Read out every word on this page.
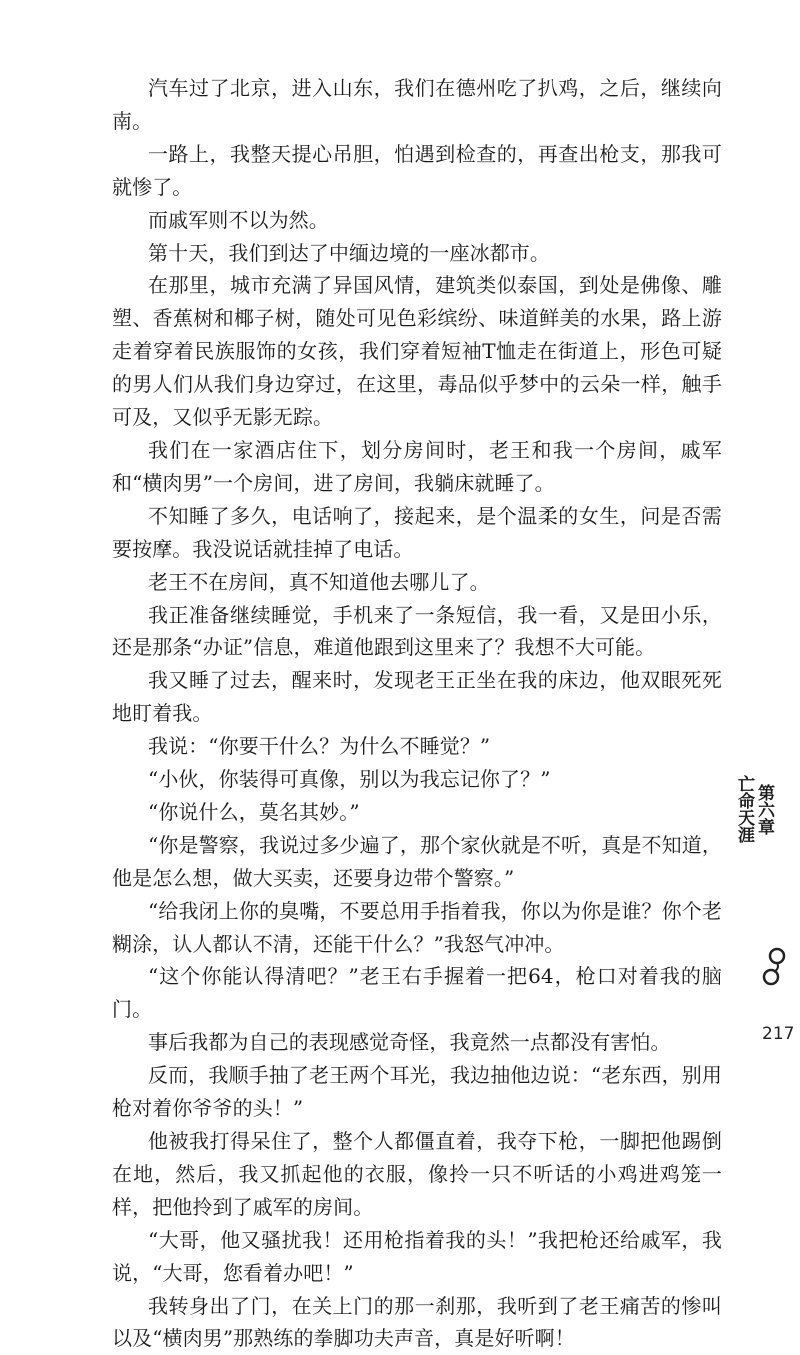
汽车过了北京，进入山东，我们在德州吃了扒鸡，之后，继续向南。

一路上，我整天提心吊胆，怕遇到检查的，再查出枪支，那我可就惨了。

而戚军则不以为然。

第十天，我们到达了中缅边境的一座冰都市。

在那里，城市充满了异国风情，建筑类似泰国，到处是佛像、雕塑、香蕉树和椰子树，随处可见色彩缤纷、味道鲜美的水果，路上游走着穿着民族服饰的女孩，我们穿着短袖T恤走在街道上，形色可疑的男人们从我们身边穿过，在这里，毒品似乎梦中的云朵一样，触手可及，又似乎无影无踪。

我们在一家酒店住下，划分房间时，老王和我一个房间，戚军和“横肉男”一个房间，进了房间，我躺床就睡了。

不知睡了多久，电话响了，接起来，是个温柔的女生，问是否需要按摩。我没说话就挂掉了电话。

老王不在房间，真不知道他去哪儿了。

我正准备继续睡觉，手机来了一条短信，我一看，又是田小乐，还是那条“办证”信息，难道他跟到这里来了？我想不大可能。

我又睡了过去，醒来时，发现老王正坐在我的床边，他双眼死死地盯着我。

我说：“你要干什么？为什么不睡觉？”

“小伙，你装得可真像，别以为我忘记你了？”

“你说什么，莫名其妙。”

“你是警察，我说过多少遍了，那个家伙就是不听，真是不知道，他是怎么想，做大买卖，还要身边带个警察。”

“给我闭上你的臭嘴，不要总用手指着我，你以为你是谁？你个老糊涂，认人都认不清，还能干什么？”我怒气冲冲。

“这个你能认得清吧？”老王右手握着一把64，枪口对着我的脑门。

事后我都为自己的表现感觉奇怪，我竟然一点都没有害怕。

反而，我顺手抽了老王两个耳光，我边抽他边说：“老东西，别用枪对着你爷爷的头！”

他被我打得呆住了，整个人都僵直着，我夺下枪，一脚把他踢倒在地，然后，我又抓起他的衣服，像拎一只不听话的小鸡进鸡笼一样，把他拎到了戚军的房间。

“大哥，他又骚扰我！还用枪指着我的头！”我把枪还给戚军，我说，“大哥，您看着办吧！”

我转身出了门，在关上门的那一刹那，我听到了老王痛苦的惨叫以及“横肉男”那熟练的拳脚功夫声音，真是好听啊！

第六章
亡命天涯
217
